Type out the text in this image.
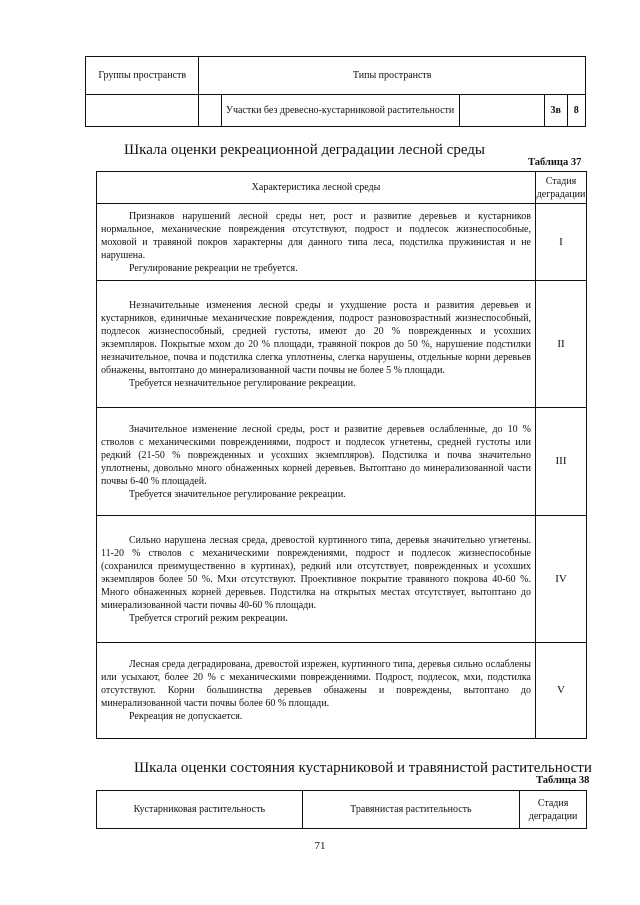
Группы пространств	Типы пространств				
		Участки без древесно-кустарниковой растительности		3в	8
Шкала оценки рекреационной деградации лесной среды
Таблица 37
Характеристика лесной среды	Стадия деградации

Признаков нарушений лесной среды нет, рост и развитие деревьев и кустарников нормальное, механические повреждения отсутствуют, подрост и подлесок жизнеспособные, моховой и травяной покров характерны для данного типа леса, подстилка пружинистая и не нарушена.

Регулирование рекреации не требуется.	I

Незначительные изменения лесной среды и ухудшение роста и развития деревьев и кустарников, единичные механические повреждения, подрост разновозрастный жизнеспособный, подлесок жизнеспособный, средней густоты, имеют до 20 % поврежденных и усохших экземпляров. Покрытые мхом до 20 % площади, травяной покров до 50 %, нарушение подстилки незначительное, почва и подстилка слегка уплотнены, слегка нарушены, отдельные корни деревьев обнажены, вытоптано до минерализованной части почвы не более 5 % площади.

Требуется незначительное регулирование рекреации.	II

Значительное изменение лесной среды, рост и развитие деревьев ослабленные, до 10 % стволов с механическими повреждениями, подрост и подлесок угнетены, средней густоты или редкий (21-50 % поврежденных и усохших экземпляров). Подстилка и почва значительно уплотнены, довольно много обнаженных корней деревьев. Вытоптано до минерализованной части почвы 6-40 % площадей.

Требуется значительное регулирование рекреации.	III

Сильно нарушена лесная среда, древостой куртинного типа, деревья значительно угнетены. 11-20 % стволов с механическими повреждениями, подрост и подлесок жизнеспособные (сохранился преимущественно в куртинах), редкий или отсутствует, поврежденных и усохших экземпляров более 50 %. Мхи отсутствуют. Проективное покрытие травяного покрова 40-60 %. Много обнаженных корней деревьев. Подстилка на открытых местах отсутствует, вытоптано до минерализованной части почвы 40-60 % площади.

Требуется строгий режим рекреации.	IV

Лесная среда деградирована, древостой изрежен, куртинного типа, деревья сильно ослаблены или усыхают, более 20 % с механическими повреждениями. Подрост, подлесок, мхи, подстилка отсутствуют. Корни большинства деревьев обнажены и повреждены, вытоптано до минерализованной части почвы более 60 % площади.

Рекреация не допускается.	V
Шкала оценки состояния кустарниковой и травянистой растительности
Таблица 38
Кустарниковая растительность	Травянистая растительность	Стадия деградации
71
